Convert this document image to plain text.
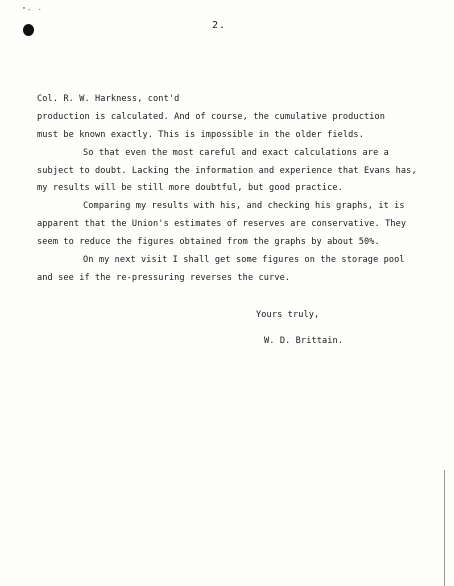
"- ·
2.
Col. R. W. Harkness, cont'd
production is calculated. And of course, the cumulative production
must be known exactly. This is impossible in the older fields.
So that even the most careful and exact calculations are a
subject to doubt. Lacking the information and experience that Evans has,
my results will be still more doubtful, but good practice.
Comparing my results with his, and checking his graphs, it is
apparent that the Union's estimates of reserves are conservative. They
seem to reduce the figures obtained from the graphs by about 50%.
On my next visit I shall get some figures on the storage pool
and see if the re-pressuring reverses the curve.
Yours truly,
W. D. Brittain.
